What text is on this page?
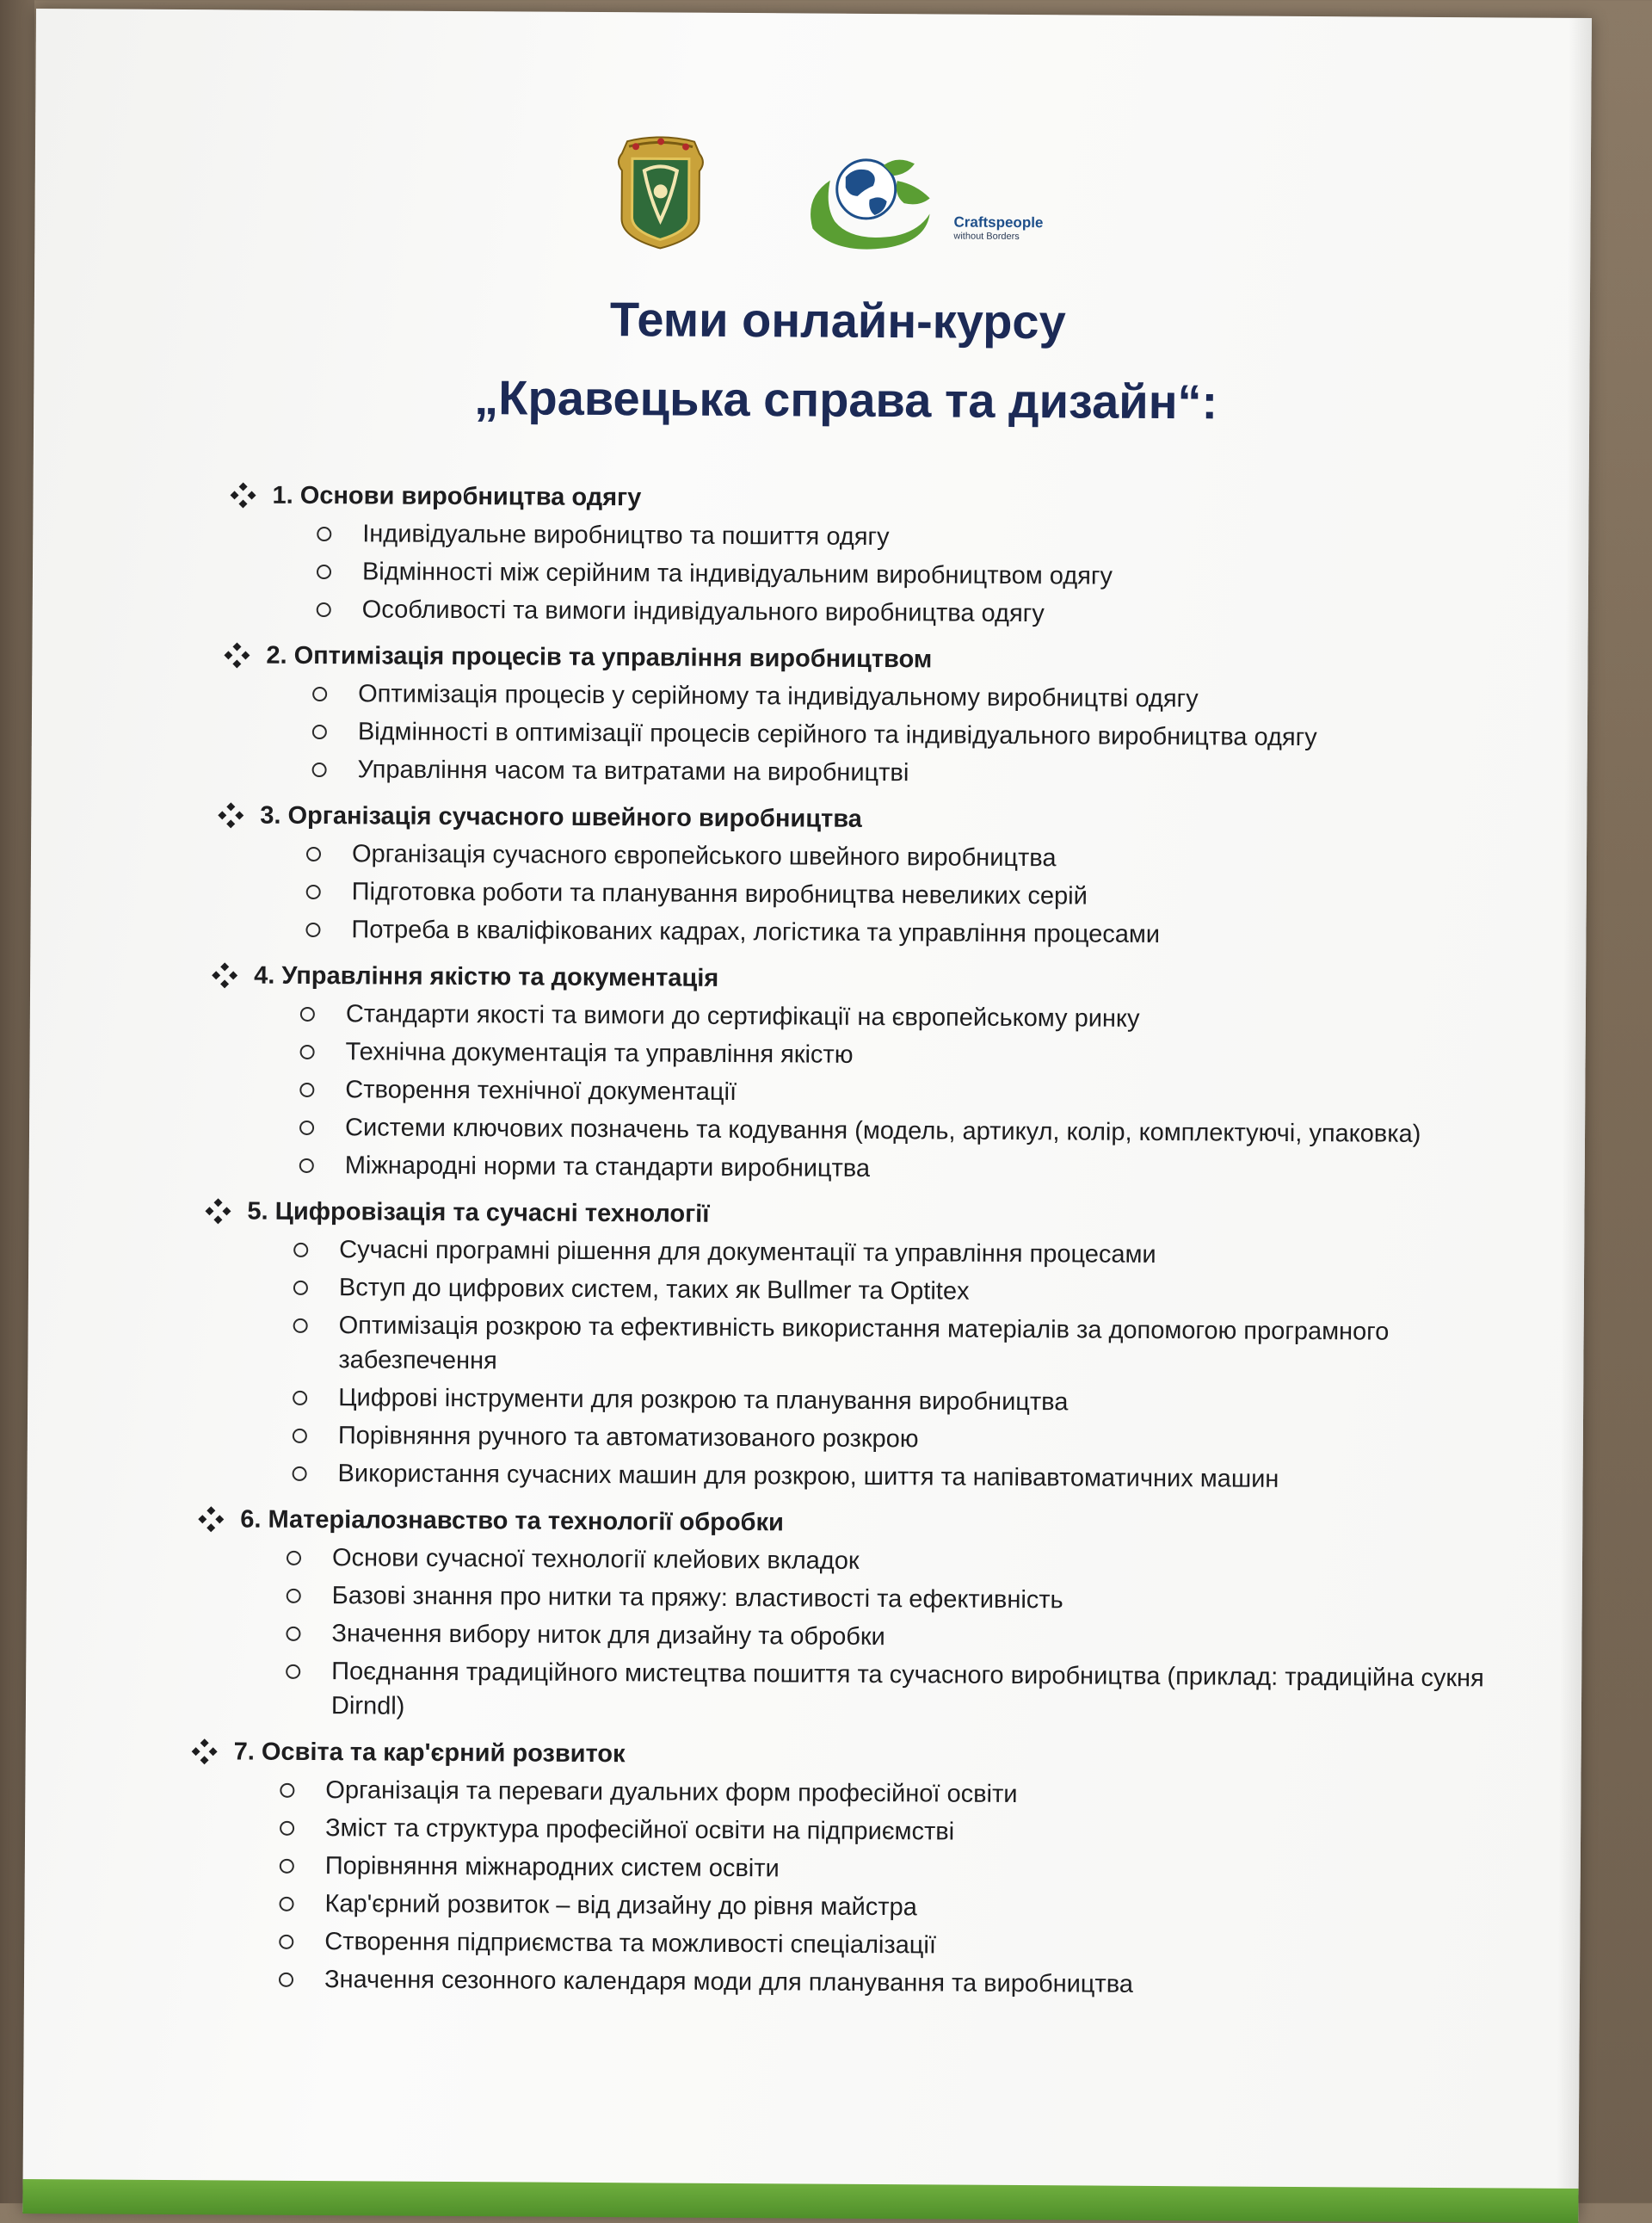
Craftspeople
without Borders
Теми онлайн-курсу
„Кравецька справа та дизайн“:
1. Основи виробництва одягу
Індивідуальне виробництво та пошиття одягу
Відмінності між серійним та індивідуальним виробництвом одягу
Особливості та вимоги індивідуального виробництва одягу
2. Оптимізація процесів та управління виробництвом
Оптимізація процесів у серійному та індивідуальному виробництві одягу
Відмінності в оптимізації процесів серійного та індивідуального виробництва одягу
Управління часом та витратами на виробництві
3. Організація сучасного швейного виробництва
Організація сучасного європейського швейного виробництва
Підготовка роботи та планування виробництва невеликих серій
Потреба в кваліфікованих кадрах, логістика та управління процесами
4. Управління якістю та документація
Стандарти якості та вимоги до сертифікації на європейському ринку
Технічна документація та управління якістю
Створення технічної документації
Системи ключових позначень та кодування (модель, артикул, колір, комплектуючі, упаковка)
Міжнародні норми та стандарти виробництва
5. Цифровізація та сучасні технології
Сучасні програмні рішення для документації та управління процесами
Вступ до цифрових систем, таких як Bullmer та Optitex
Оптимізація розкрою та ефективність використання матеріалів за допомогою програмного забезпечення
Цифрові інструменти для розкрою та планування виробництва
Порівняння ручного та автоматизованого розкрою
Використання сучасних машин для розкрою, шиття та напівавтоматичних машин
6. Матеріалознавство та технології обробки
Основи сучасної технології клейових вкладок
Базові знання про нитки та пряжу: властивості та ефективність
Значення вибору ниток для дизайну та обробки
Поєднання традиційного мистецтва пошиття та сучасного виробництва (приклад: традиційна сукня Dirndl)
7. Освіта та кар'єрний розвиток
Організація та переваги дуальних форм професійної освіти
Зміст та структура професійної освіти на підприємстві
Порівняння міжнародних систем освіти
Кар'єрний розвиток – від дизайну до рівня майстра
Створення підприємства та можливості спеціалізації
Значення сезонного календаря моди для планування та виробництва
